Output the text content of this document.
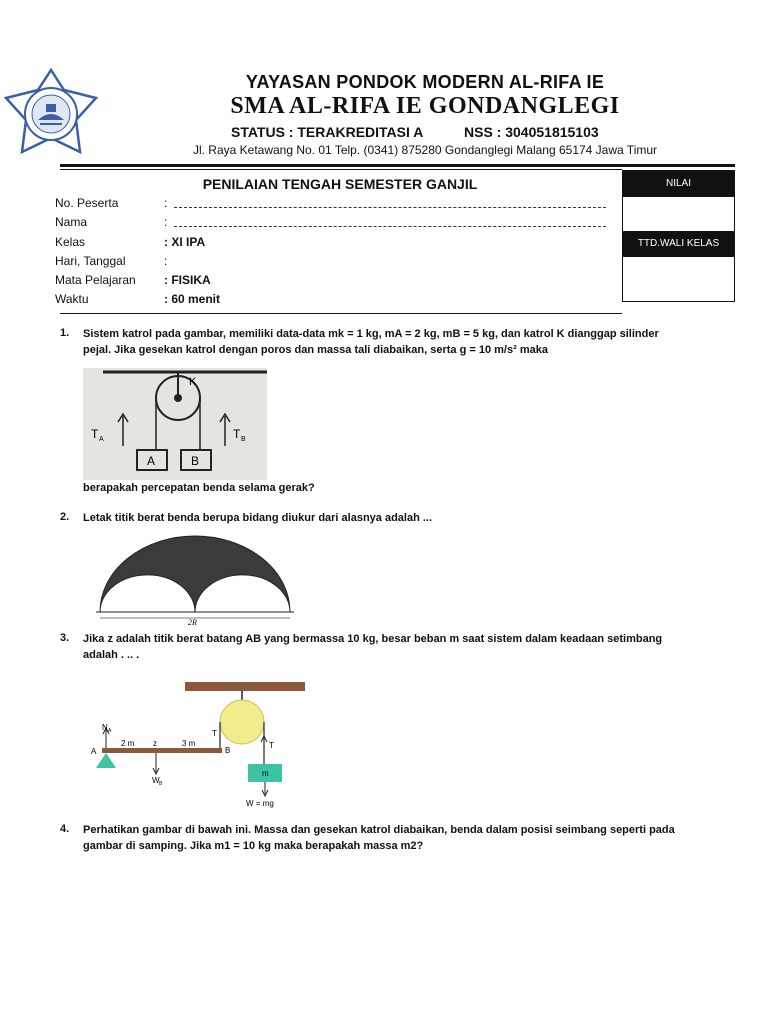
YAYASAN PONDOK MODERN AL-RIFA IE
SMA AL-RIFA IE GONDANGLEGI
STATUS : TERAKREDITASI A	NSS : 304051815103
Jl. Raya Ketawang No. 01 Telp. (0341) 875280 Gondanglegi Malang 65174 Jawa Timur
PENILAIAN TENGAH SEMESTER GANJIL	NILAI
TTD.WALI KELAS
No. Peserta	:
Nama	:
Kelas	: XI IPA
Hari, Tanggal	:
Mata Pelajaran : FISIKA
Waktu	: 60 menit
1. Sistem katrol pada gambar, memiliki data-data mk = 1 kg, mA = 2 kg, mB = 5 kg, dan katrol K dianggap silinder pejal. Jika gesekan katrol dengan poros dan massa tali diabaikan, serta g = 10 m/s² maka
K
A	B
T A	T B
berapakah percepatan benda selama gerak?
2. Letak titik berat benda berupa bidang diukur dari alasnya adalah ...
2R
3. Jika z adalah titik berat batang AB yang bermassa 10 kg, besar beban m saat sistem dalam keadaan setimbang adalah . .. .
N A
A
2 m z	3 m
B
T
T
W B
m
W = mg
4. Perhatikan gambar di bawah ini. Massa dan gesekan katrol diabaikan, benda dalam posisi seimbang seperti pada gambar di samping. Jika m1 = 10 kg maka berapakah massa m2?
